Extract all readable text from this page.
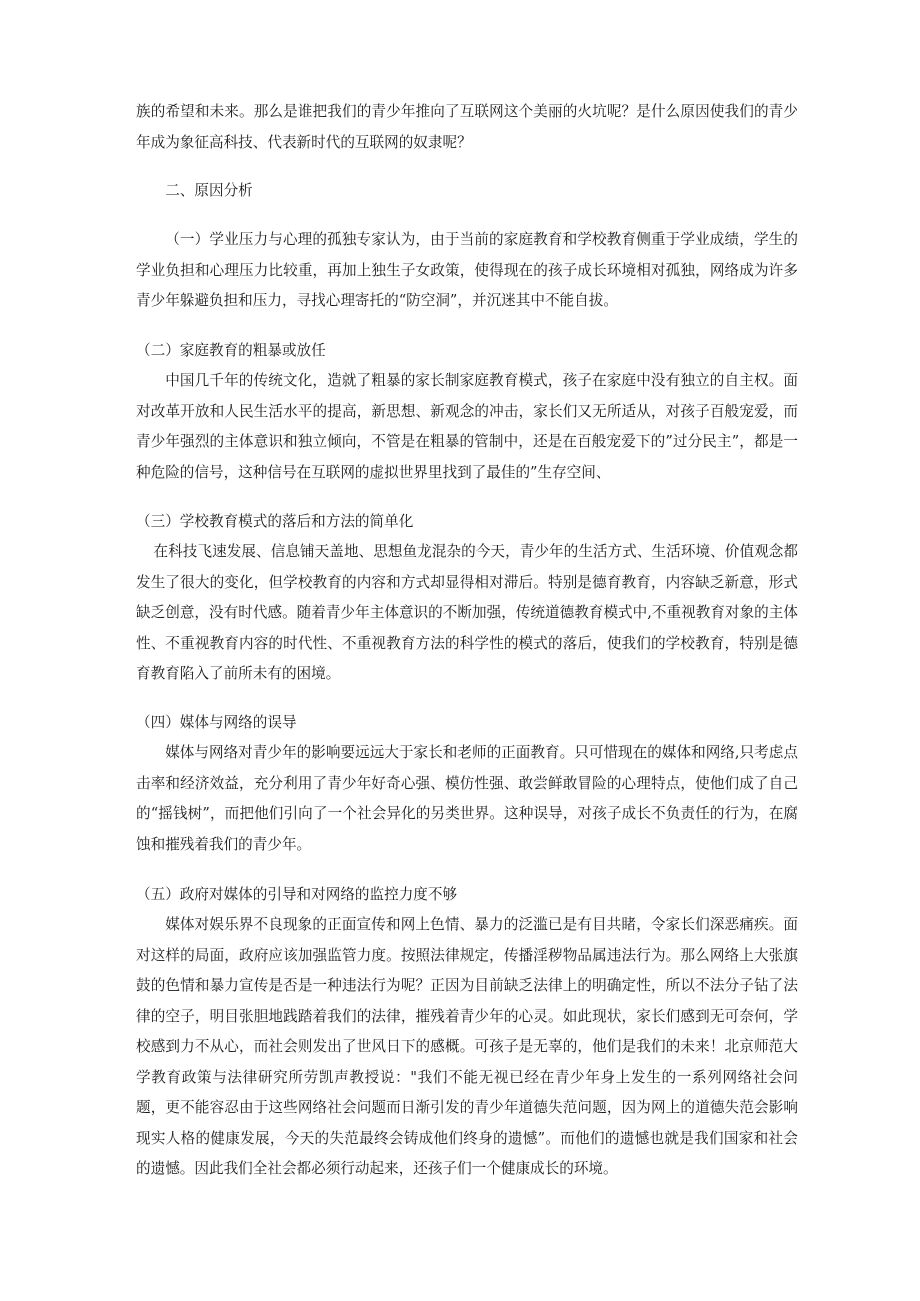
族的希望和未来。那么是谁把我们的青少年推向了互联网这个美丽的火坑呢？是什么原因使我们的青少年成为象征高科技、代表新时代的互联网的奴隶呢？

二、原因分析

（一）学业压力与心理的孤独专家认为，由于当前的家庭教育和学校教育侧重于学业成绩，学生的学业负担和心理压力比较重，再加上独生子女政策，使得现在的孩子成长环境相对孤独，网络成为许多青少年躲避负担和压力，寻找心理寄托的“防空洞”，并沉迷其中不能自拔。

（二）家庭教育的粗暴或放任

中国几千年的传统文化，造就了粗暴的家长制家庭教育模式，孩子在家庭中没有独立的自主权。面对改革开放和人民生活水平的提高，新思想、新观念的冲击，家长们又无所适从，对孩子百般宠爱，而青少年强烈的主体意识和独立倾向，不管是在粗暴的管制中，还是在百般宠爱下的”过分民主”，都是一种危险的信号，这种信号在互联网的虚拟世界里找到了最佳的”生存空间、

（三）学校教育模式的落后和方法的简单化

在科技飞速发展、信息铺天盖地、思想鱼龙混杂的今天，青少年的生活方式、生活环境、价值观念都发生了很大的变化，但学校教育的内容和方式却显得相对滞后。特别是德育教育，内容缺乏新意，形式缺乏创意，没有时代感。随着青少年主体意识的不断加强，传统道德教育模式中,不重视教育对象的主体性、不重视教育内容的时代性、不重视教育方法的科学性的模式的落后，使我们的学校教育，特别是德育教育陷入了前所未有的困境。

（四）媒体与网络的误导

媒体与网络对青少年的影响要远远大于家长和老师的正面教育。只可惜现在的媒体和网络,只考虑点击率和经济效益，充分利用了青少年好奇心强、模仿性强、敢尝鲜敢冒险的心理特点，使他们成了自己的“摇钱树”，而把他们引向了一个社会异化的另类世界。这种误导，对孩子成长不负责任的行为，在腐蚀和摧残着我们的青少年。

（五）政府对媒体的引导和对网络的监控力度不够

媒体对娱乐界不良现象的正面宣传和网上色情、暴力的泛滥已是有目共睹，令家长们深恶痛疾。面对这样的局面，政府应该加强监管力度。按照法律规定，传播淫秽物品属违法行为。那么网络上大张旗鼓的色情和暴力宣传是否是一种违法行为呢？正因为目前缺乏法律上的明确定性，所以不法分子钻了法律的空子，明目张胆地践踏着我们的法律，摧残着青少年的心灵。如此现状，家长们感到无可奈何，学校感到力不从心，而社会则发出了世风日下的感概。可孩子是无辜的，他们是我们的未来！北京师范大学教育政策与法律研究所劳凯声教授说："我们不能无视已经在青少年身上发生的一系列网络社会问题，更不能容忍由于这些网络社会问题而日渐引发的青少年道德失范问题，因为网上的道德失范会影响现实人格的健康发展，今天的失范最终会铸成他们终身的遗憾”。而他们的遗憾也就是我们国家和社会的遗憾。因此我们全社会都必须行动起来，还孩子们一个健康成长的环境。
